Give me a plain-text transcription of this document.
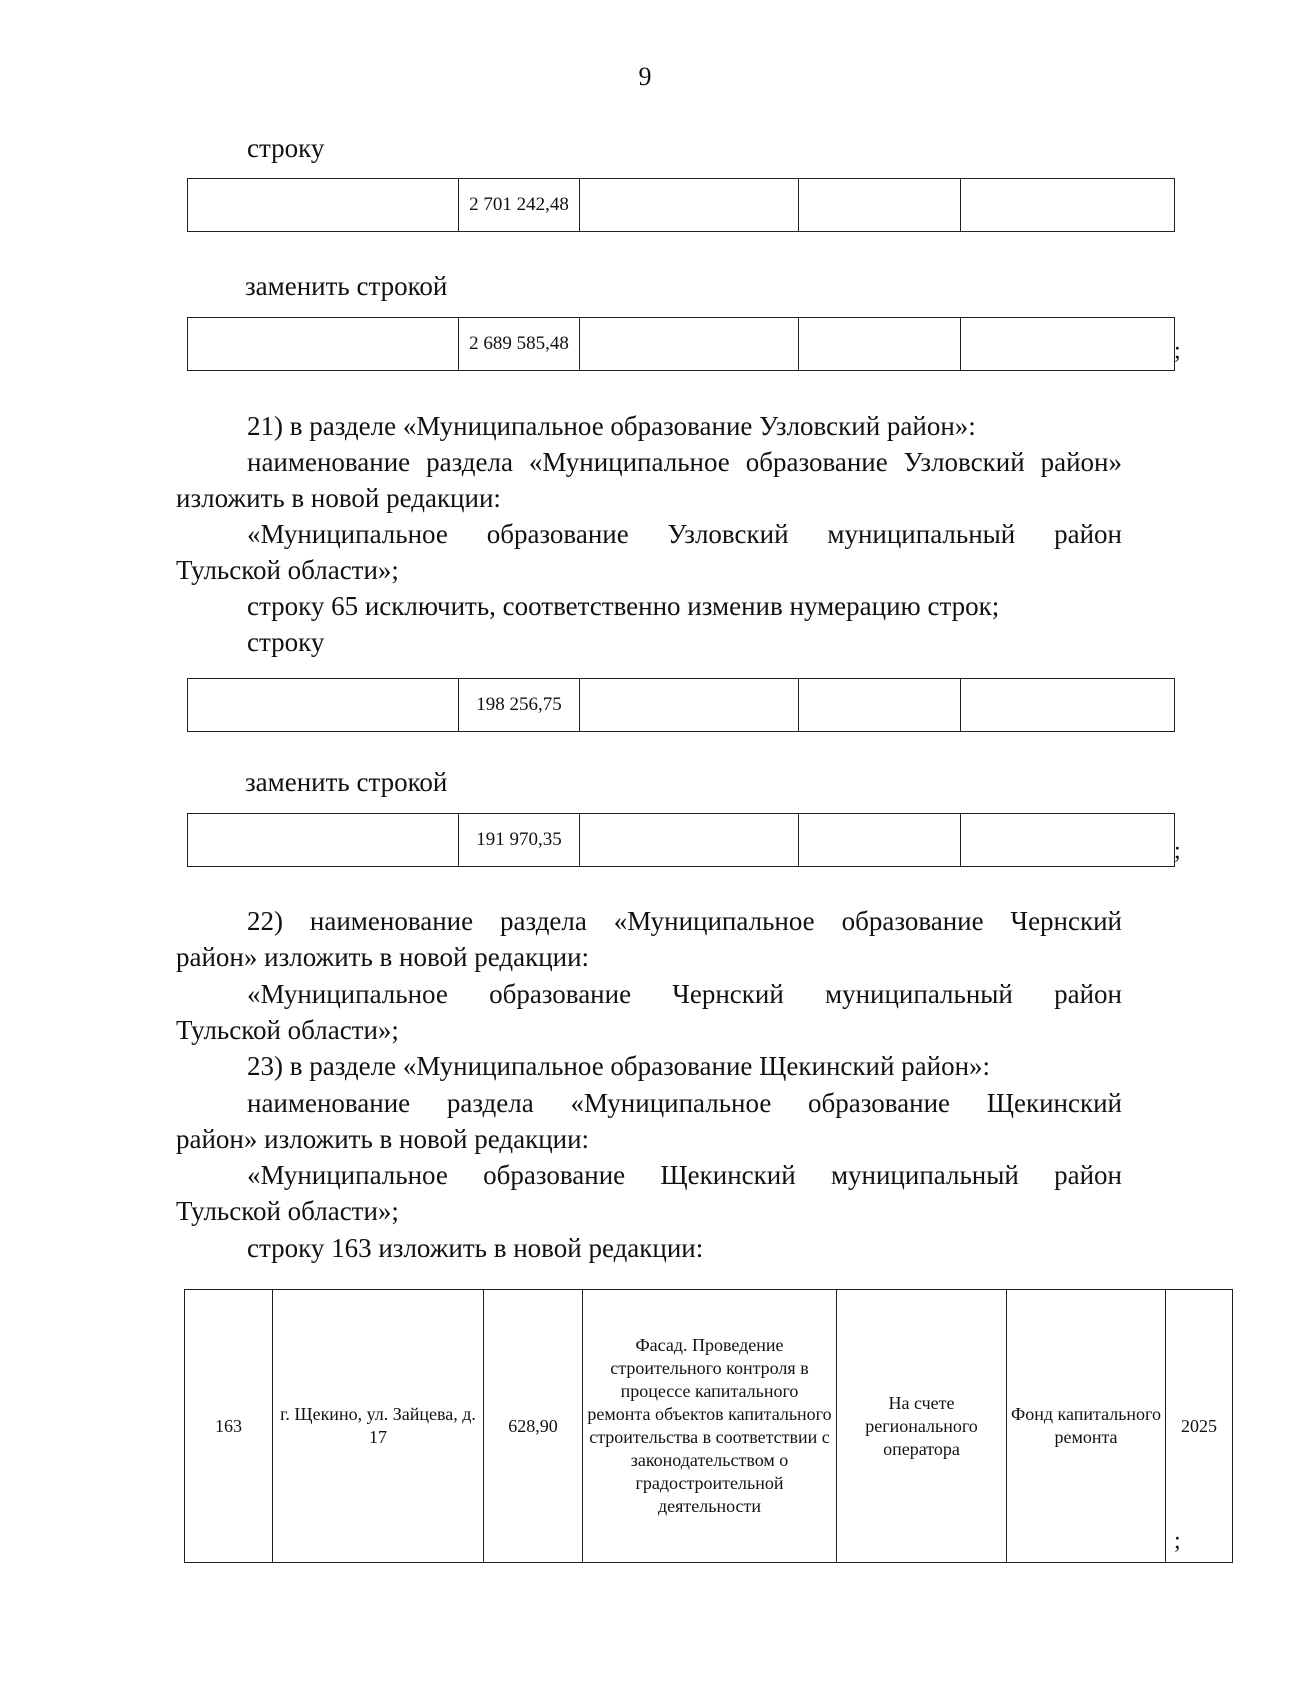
9
строку
	2 701 242,48			
заменить строкой
	2 689 585,48				;
21) в разделе «Муниципальное образование Узловский район»:
наименование раздела «Муниципальное образование Узловский район»
изложить в новой редакции:
«Муниципальное образование Узловский муниципальный район
Тульской области»;
строку 65 исключить, соответственно изменив нумерацию строк;
строку
	198 256,75			
заменить строкой
	191 970,35				;
22) наименование раздела «Муниципальное образование Чернский
район» изложить в новой редакции:
«Муниципальное образование Чернский муниципальный район
Тульской области»;
23) в разделе «Муниципальное образование Щекинский район»:
наименование раздела «Муниципальное образование Щекинский
район» изложить в новой редакции:
«Муниципальное образование Щекинский муниципальный район
Тульской области»;
строку 163 изложить в новой редакции:
163	г. Щекино, ул. Зайцева, д. 17	628,90	Фасад. Проведение строительного контроля в процессе капитального ремонта объектов капитального строительства в соответствии с законодательством о градостроительной деятельности	На счете регионального оператора	Фонд капитального ремонта	2025
;
